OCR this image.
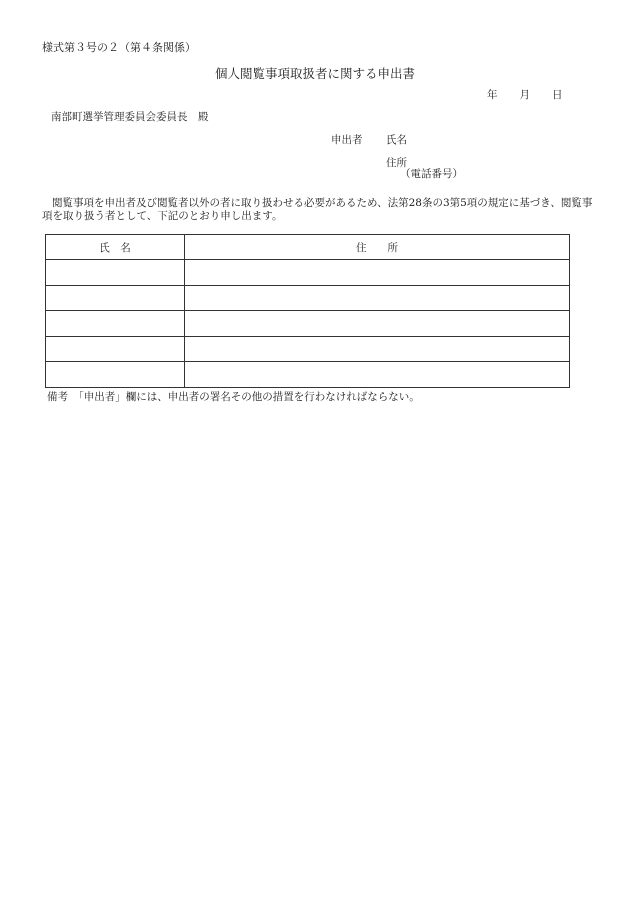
様式第３号の２（第４条関係）
個人閲覧事項取扱者に関する申出書
年 月 日
南部町選挙管理委員会委員長　殿
申出者 氏名
住所
（電話番号）
閲覧事項を申出者及び閲覧者以外の者に取り扱わせる必要があるため、法第28条の3第5項の規定に基づき、閲覧事項を取り扱う者として、下記のとおり申し出ます。
氏　名	住　　所

備考　「申出者」欄には、申出者の署名その他の措置を行わなければならない。
